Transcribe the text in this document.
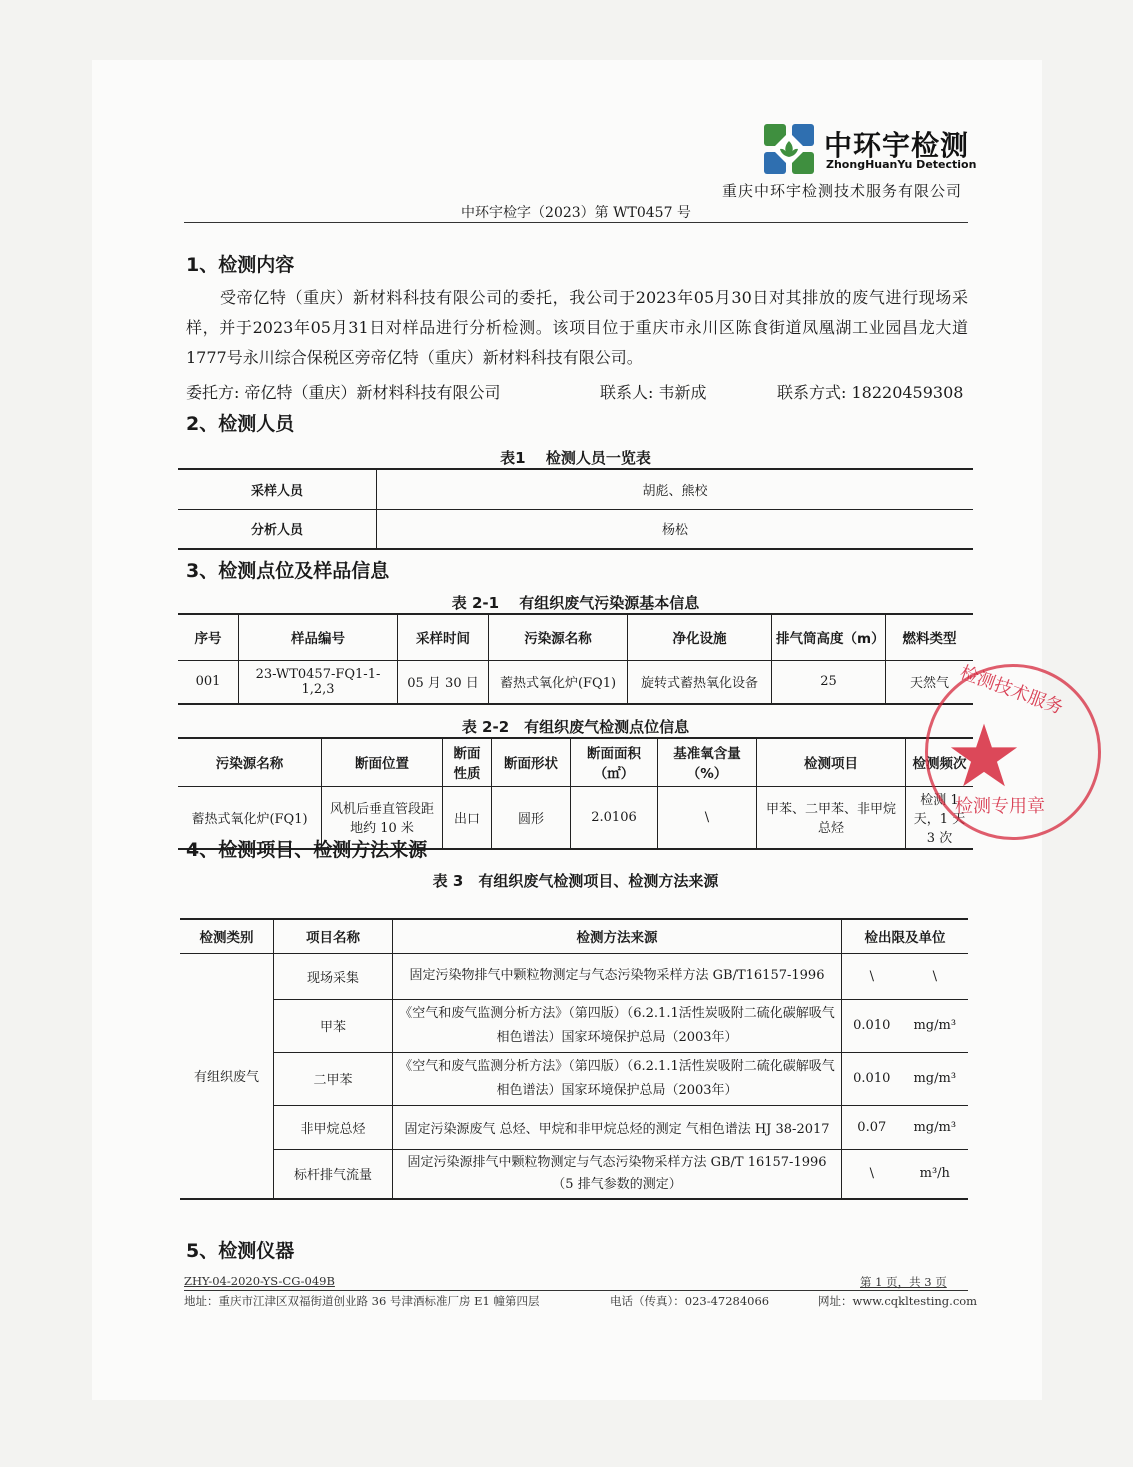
中环宇检测
ZhongHuanYu Detection
重庆中环宇检测技术服务有限公司
中环宇检字（2023）第 WT0457 号
1、检测内容
受帝亿特（重庆）新材料科技有限公司的委托，我公司于2023年05月30日对其排放的废气进行现场采样，并于2023年05月31日对样品进行分析检测。该项目位于重庆市永川区陈食街道凤凰湖工业园昌龙大道1777号永川综合保税区旁帝亿特（重庆）新材料科技有限公司。
委托方: 帝亿特（重庆）新材料科技有限公司	联系人: 韦新成	联系方式: 18220459308
2、检测人员
表1　 检测人员一览表
采样人员	胡彪、熊校
分析人员	杨松
3、检测点位及样品信息
表 2-1　 有组织废气污染源基本信息
序号	样品编号	采样时间	污染源名称	净化设施	排气筒高度（m）	燃料类型
001	23-WT0457-FQ1-1-1,2,3	05 月 30 日	蓄热式氧化炉(FQ1)	旋转式蓄热氧化设备	25	天然气
表 2-2　有组织废气检测点位信息
污染源名称	断面位置	断面性质	断面形状	断面面积（㎡）	基准氧含量（%）	检测项目	检测频次
蓄热式氧化炉(FQ1)	风机后垂直管段距地约 10 米	出口	圆形	2.0106	\	甲苯、二甲苯、非甲烷总烃	检测 1 天，1 天 3 次
4、检测项目、检测方法来源
表 3　有组织废气检测项目、检测方法来源
检测类别	项目名称	检测方法来源	检出限及单位	
有组织废气	现场采集	固定污染物排气中颗粒物测定与气态污染物采样方法 GB/T16157-1996	\	\
	甲苯	《空气和废气监测分析方法》（第四版）（6.2.1.1活性炭吸附二硫化碳解吸气相色谱法）国家环境保护总局（2003年）	0.010	mg/m³
	二甲苯	《空气和废气监测分析方法》（第四版）（6.2.1.1活性炭吸附二硫化碳解吸气相色谱法）国家环境保护总局（2003年）	0.010	mg/m³
	非甲烷总烃	固定污染源废气 总烃、甲烷和非甲烷总烃的测定 气相色谱法 HJ 38-2017	0.07	mg/m³
	标杆排气流量	固定污染源排气中颗粒物测定与气态污染物采样方法 GB/T 16157-1996（5 排气参数的测定）	\	m³/h
5、检测仪器
检测技术服务
检测专用章
ZHY-04-2020-YS-CG-049B	第 1 页，共 3 页
地址：重庆市江津区双福街道创业路 36 号津酒标准厂房 E1 幢第四层	电话（传真）：023-47284066	网址：www.cqkltesting.com
